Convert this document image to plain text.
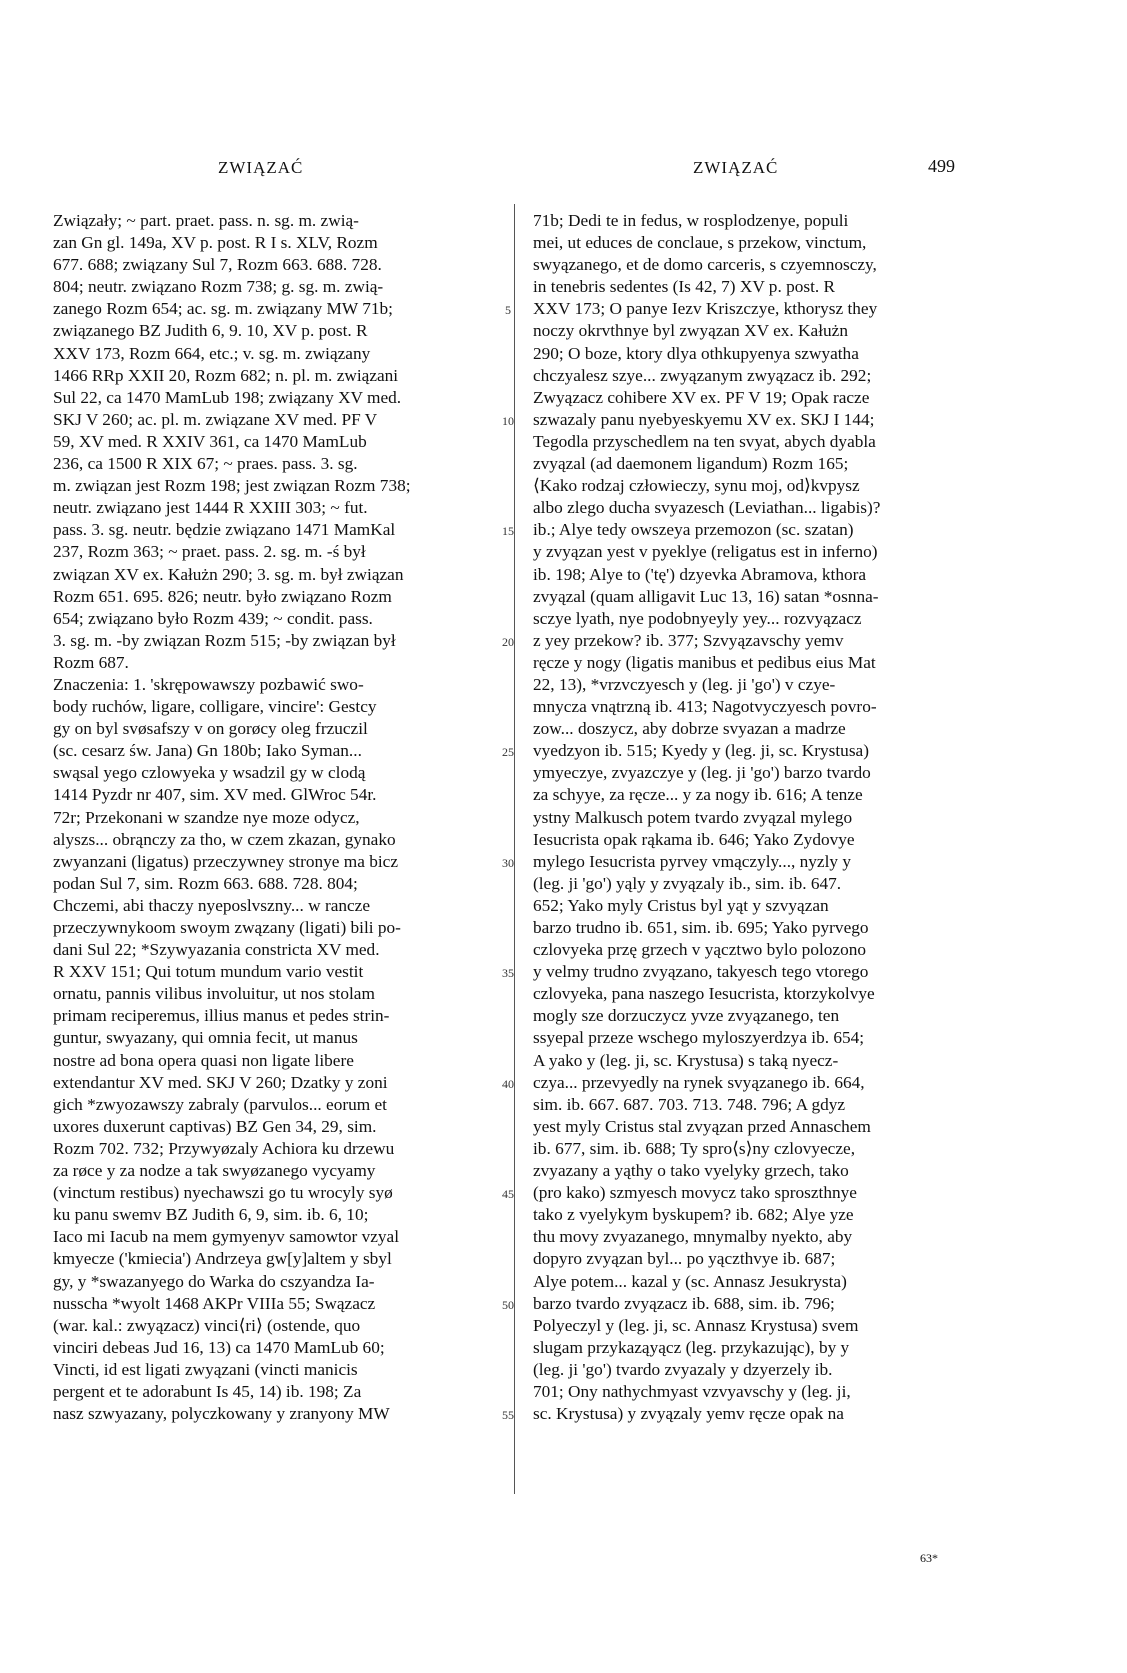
ZWIĄZAĆ	ZWIĄZAĆ	499
Związały; ~ part. praet. pass. n. sg. m. zwią-
zan Gn gl. 149a, XV p. post. R I s. XLV, Rozm
677. 688; związany Sul 7, Rozm 663. 688. 728.
804; neutr. związano Rozm 738; g. sg. m. zwią-
zanego Rozm 654; ac. sg. m. związany MW 71b;
związanego BZ Judith 6, 9. 10, XV p. post. R
XXV 173, Rozm 664, etc.; v. sg. m. związany
1466 RRp XXII 20, Rozm 682; n. pl. m. związani
Sul 22, ca 1470 MamLub 198; związany XV med.
SKJ V 260; ac. pl. m. związane XV med. PF V
59, XV med. R XXIV 361, ca 1470 MamLub
236, ca 1500 R XIX 67; ~ praes. pass. 3. sg.
m. związan jest Rozm 198; jest związan Rozm 738;
neutr. związano jest 1444 R XXIII 303; ~ fut.
pass. 3. sg. neutr. będzie związano 1471 MamKal
237, Rozm 363; ~ praet. pass. 2. sg. m. -ś był
związan XV ex. Kałużn 290; 3. sg. m. był związan
Rozm 651. 695. 826; neutr. było związano Rozm
654; związano było Rozm 439; ~ condit. pass.
3. sg. m. -by związan Rozm 515; -by związan był
Rozm 687.
Znaczenia: 1. 'skrępowawszy pozbawić swo-
body ruchów, ligare, colligare, vincire': Gestcy
gy on byl svøsafszy v on gorøcy oleg frzuczil
(sc. cesarz św. Jana) Gn 180b; Iako Syman...
swąsal yego czlowyeka y wsadzil gy w clodą
1414 Pyzdr nr 407, sim. XV med. GlWroc 54r.
72r; Przekonani w szandze nye moze odycz,
alyszs... obrąnczy za tho, w czem zkazan, gynako
zwyanzani (ligatus) przeczywney stronye ma bicz
podan Sul 7, sim. Rozm 663. 688. 728. 804;
Chczemi, abi thaczy nyeposlvszny... w rancze
przeczywnykoom swoym zwązany (ligati) bili po-
dani Sul 22; *Szywyazania constricta XV med.
R XXV 151; Qui totum mundum vario vestit
ornatu, pannis vilibus involuitur, ut nos stolam
primam reciperemus, illius manus et pedes strin-
guntur, swyazany, qui omnia fecit, ut manus
nostre ad bona opera quasi non ligate libere
extendantur XV med. SKJ V 260; Dzatky y zoni
gich *zwyozawszy zabraly (parvulos... eorum et
uxores duxerunt captivas) BZ Gen 34, 29, sim.
Rozm 702. 732; Przywyøzaly Achiora ku drzewu
za røce y za nodze a tak swyøzanego vycyamy
(vinctum restibus) nyechawszi go tu wrocyly syø
ku panu swemv BZ Judith 6, 9, sim. ib. 6, 10;
Iaco mi Iacub na mem gymyenyv samowtor vzyal
kmyecze ('kmiecia') Andrzeya gw[y]altem y sbyl
gy, y *swazanyego do Warka do cszyandza Ia-
nusscha *wyolt 1468 AKPr VIIIa 55; Swązacz
(war. kal.: zwyązacz) vinci⟨ri⟩ (ostende, quo
vinciri debeas Jud 16, 13) ca 1470 MamLub 60;
Vincti, id est ligati zwyązani (vincti manicis
pergent et te adorabunt Is 45, 14) ib. 198; Za
nasz szwyazany, polyczkowany y zranyony MW
5
10
15
20
25
30
35
40
45
50
55
71b; Dedi te in fedus, w rosplodzenye, populi
mei, ut educes de conclaue, s przekow, vinctum,
swyązanego, et de domo carceris, s czyemnosczy,
in tenebris sedentes (Is 42, 7) XV p. post. R
XXV 173; O panye Iezv Kriszczye, kthorysz they
noczy okrvthnye byl zwyązan XV ex. Kałużn
290; O boze, ktory dlya othkupyenya szwyatha
chczyalesz szye... zwyązanym zwyązacz ib. 292;
Zwyązacz cohibere XV ex. PF V 19; Opak racze
szwazaly panu nyebyeskyemu XV ex. SKJ I 144;
Tegodla przyschedlem na ten svyat, abych dyabla
zvyązal (ad daemonem ligandum) Rozm 165;
⟨Kako rodzaj człowieczy, synu moj, od⟩kvpysz
albo zlego ducha svyazesch (Leviathan... ligabis)?
ib.; Alye tedy owszeya przemozon (sc. szatan)
y zvyązan yest v pyeklye (religatus est in inferno)
ib. 198; Alye to ('tę') dzyevka Abramova, kthora
zvyązal (quam alligavit Luc 13, 16) satan *osnna-
sczye lyath, nye podobnyeyly yey... rozvyązacz
z yey przekow? ib. 377; Szvyązavschy yemv
ręcze y nogy (ligatis manibus et pedibus eius Mat
22, 13), *vrzvczyesch y (leg. ji 'go') v czye-
mnycza vnątrzną ib. 413; Nagotvyczyesch povro-
zow... doszycz, aby dobrze svyazan a madrze
vyedzyon ib. 515; Kyedy y (leg. ji, sc. Krystusa)
ymyeczye, zvyazczye y (leg. ji 'go') barzo tvardo
za schyye, za ręcze... y za nogy ib. 616; A tenze
ystny Malkusch potem tvardo zvyązal mylego
Iesucrista opak rąkama ib. 646; Yako Zydovye
mylego Iesucrista pyrvey vmączyly..., nyzly y
(leg. ji 'go') yąly y zvyązaly ib., sim. ib. 647.
652; Yako myly Cristus byl yąt y szvyązan
barzo trudno ib. 651, sim. ib. 695; Yako pyrvego
czlovyeka przę grzech v yącztwo bylo polozono
y velmy trudno zvyązano, takyesch tego vtorego
czlovyeka, pana naszego Iesucrista, ktorzykolvye
mogly sze dorzuczycz yvze zvyązanego, ten
ssyepal przeze wschego myloszyerdzya ib. 654;
A yako y (leg. ji, sc. Krystusa) s taką nyecz-
czya... przevyedly na rynek svyązanego ib. 664,
sim. ib. 667. 687. 703. 713. 748. 796; A gdyz
yest myly Cristus stal zvyązan przed Annaschem
ib. 677, sim. ib. 688; Ty spro⟨s⟩ny czlovyecze,
zvyazany a yąthy o tako vyelyky grzech, tako
(pro kako) szmyesch movycz tako sproszthnye
tako z vyelykym byskupem? ib. 682; Alye yze
thu movy zvyazanego, mnymalby nyekto, aby
dopyro zvyązan byl... po yączthvye ib. 687;
Alye potem... kazal y (sc. Annasz Jesukrysta)
barzo tvardo zvyązacz ib. 688, sim. ib. 796;
Polyeczyl y (leg. ji, sc. Annasz Krystusa) svem
slugam przykaząyącz (leg. przykazując), by y
(leg. ji 'go') tvardo zvyazaly y dzyerzely ib.
701; Ony nathychmyast vzvyavschy y (leg. ji,
sc. Krystusa) y zvyązaly yemv ręcze opak na
63*
